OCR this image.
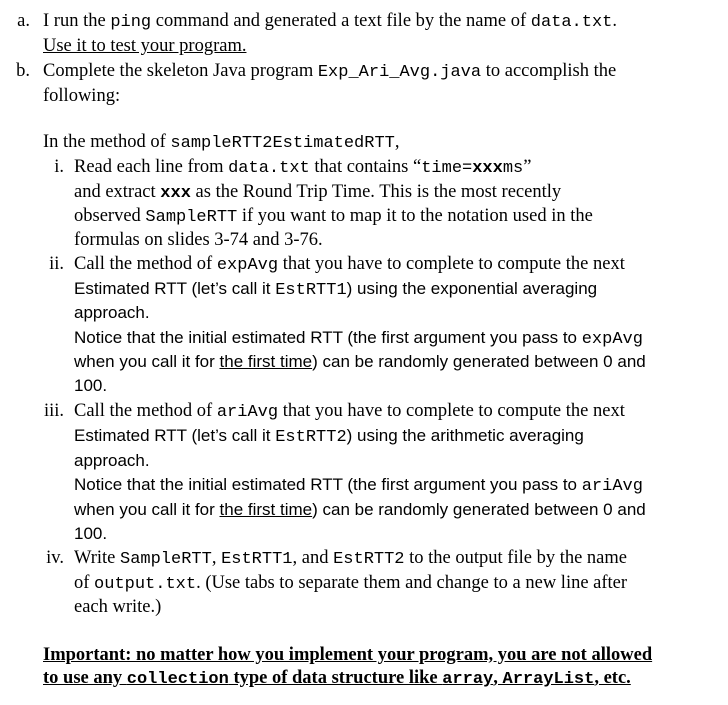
a. I run the ping command and generated a text file by the name of data.txt.
Use it to test your program.
b. Complete the skeleton Java program Exp_Ari_Avg.java to accomplish the
following:
In the method of sampleRTT2EstimatedRTT,
i. Read each line from data.txt that contains “time=xxxms”
and extract xxx as the Round Trip Time. This is the most recently
observed SampleRTT if you want to map it to the notation used in the
formulas on slides 3-74 and 3-76.
ii. Call the method of expAvg that you have to complete to compute the next
Estimated RTT (let’s call it EstRTT1) using the exponential averaging
approach.
Notice that the initial estimated RTT (the first argument you pass to expAvg
when you call it for the first time) can be randomly generated between 0 and
100.
iii. Call the method of ariAvg that you have to complete to compute the next
Estimated RTT (let’s call it EstRTT2) using the arithmetic averaging
approach.
Notice that the initial estimated RTT (the first argument you pass to ariAvg
when you call it for the first time) can be randomly generated between 0 and
100.
iv. Write SampleRTT, EstRTT1, and EstRTT2 to the output file by the name
of output.txt. (Use tabs to separate them and change to a new line after
each write.)
Important: no matter how you implement your program, you are not allowed
to use any collection type of data structure like array, ArrayList, etc.
